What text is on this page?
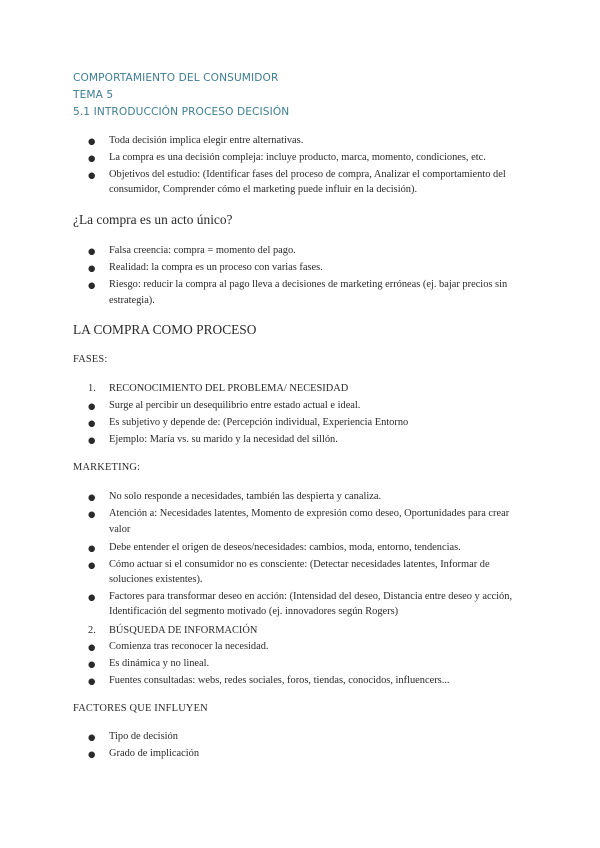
COMPORTAMIENTO DEL CONSUMIDOR
TEMA 5
5.1 INTRODUCCIÓN PROCESO DECISIÓN
●	Toda decisión implica elegir entre alternativas.
●	La compra es una decisión compleja: incluye producto, marca, momento, condiciones, etc.
●	Objetivos del estudio: (Identificar fases del proceso de compra, Analizar el comportamiento del
consumidor, Comprender cómo el marketing puede influir en la decisión).
¿La compra es un acto único?
●	Falsa creencia: compra = momento del pago.
●	Realidad: la compra es un proceso con varias fases.
●	Riesgo: reducir la compra al pago lleva a decisiones de marketing erróneas (ej. bajar precios sin
estrategia).
LA COMPRA COMO PROCESO
FASES:
1. RECONOCIMIENTO DEL PROBLEMA/ NECESIDAD
●	Surge al percibir un desequilibrio entre estado actual e ideal.
●	Es subjetivo y depende de: (Percepción individual, Experiencia Entorno
●	Ejemplo: María vs. su marido y la necesidad del sillón.
MARKETING:
●	No solo responde a necesidades, también las despierta y canaliza.
●	Atención a: Necesidades latentes, Momento de expresión como deseo, Oportunidades para crear
valor
●	Debe entender el origen de deseos/necesidades: cambios, moda, entorno, tendencias.
●	Cómo actuar si el consumidor no es consciente: (Detectar necesidades latentes, Informar de
soluciones existentes).
●	Factores para transformar deseo en acción: (Intensidad del deseo, Distancia entre deseo y acción,
Identificación del segmento motivado (ej. innovadores según Rogers)
2. BÚSQUEDA DE INFORMACIÓN
●	Comienza tras reconocer la necesidad.
●	Es dinámica y no lineal.
●	Fuentes consultadas: webs, redes sociales, foros, tiendas, conocidos, influencers...
FACTORES QUE INFLUYEN
●	Tipo de decisión
●	Grado de implicación
